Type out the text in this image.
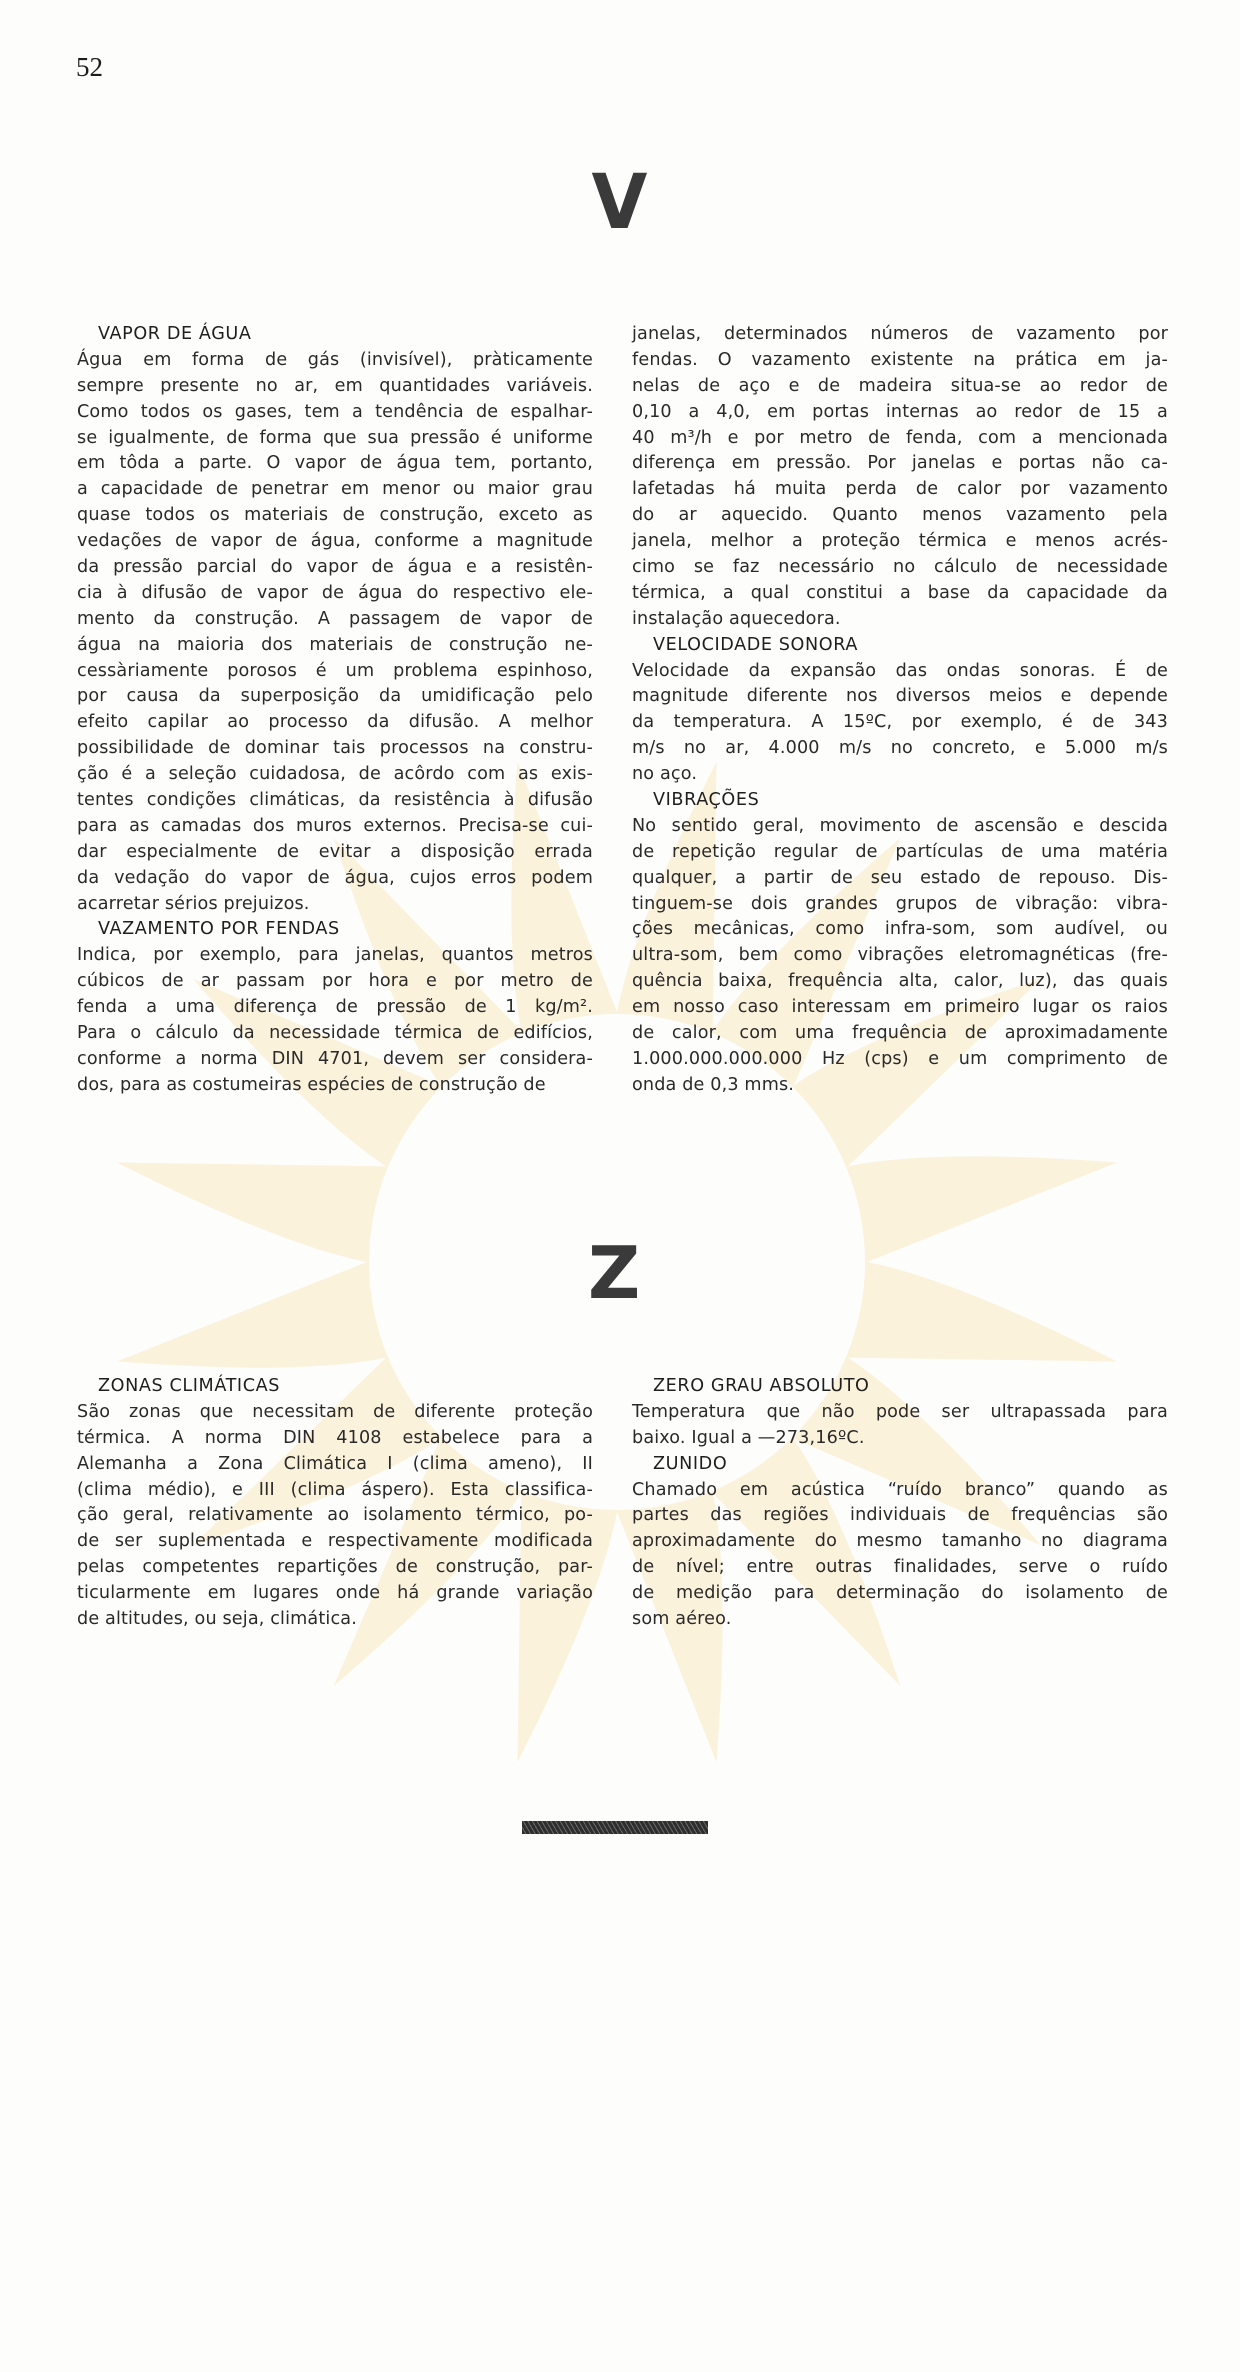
52
V
VAPOR DE ÁGUA
Água em forma de gás (invisível), pràticamente
sempre presente no ar, em quantidades variáveis.
Como todos os gases, tem a tendência de espalhar-
se igualmente, de forma que sua pressão é uniforme
em tôda a parte. O vapor de água tem, portanto,
a capacidade de penetrar em menor ou maior grau
quase todos os materiais de construção, exceto as
vedações de vapor de água, conforme a magnitude
da pressão parcial do vapor de água e a resistên-
cia à difusão de vapor de água do respectivo ele-
mento da construção. A passagem de vapor de
água na maioria dos materiais de construção ne-
cessàriamente porosos é um problema espinhoso,
por causa da superposição da umidificação pelo
efeito capilar ao processo da difusão. A melhor
possibilidade de dominar tais processos na constru-
ção é a seleção cuidadosa, de acôrdo com as exis-
tentes condições climáticas, da resistência à difusão
para as camadas dos muros externos. Precisa-se cui-
dar especialmente de evitar a disposição errada
da vedação do vapor de água, cujos erros podem
acarretar sérios prejuizos.
VAZAMENTO POR FENDAS
Indica, por exemplo, para janelas, quantos metros
cúbicos de ar passam por hora e por metro de
fenda a uma diferença de pressão de 1 kg/m².
Para o cálculo da necessidade térmica de edifícios,
conforme a norma DIN 4701, devem ser considera-
dos, para as costumeiras espécies de construção de
janelas, determinados números de vazamento por
fendas. O vazamento existente na prática em ja-
nelas de aço e de madeira situa-se ao redor de
0,10 a 4,0, em portas internas ao redor de 15 a
40 m³/h e por metro de fenda, com a mencionada
diferença em pressão. Por janelas e portas não ca-
lafetadas há muita perda de calor por vazamento
do ar aquecido. Quanto menos vazamento pela
janela, melhor a proteção térmica e menos acrés-
cimo se faz necessário no cálculo de necessidade
térmica, a qual constitui a base da capacidade da
instalação aquecedora.
VELOCIDADE SONORA
Velocidade da expansão das ondas sonoras. É de
magnitude diferente nos diversos meios e depende
da temperatura. A 15ºC, por exemplo, é de 343
m/s no ar, 4.000 m/s no concreto, e 5.000 m/s
no aço.
VIBRAÇÕES
No sentido geral, movimento de ascensão e descida
de repetição regular de partículas de uma matéria
qualquer, a partir de seu estado de repouso. Dis-
tinguem-se dois grandes grupos de vibração: vibra-
ções mecânicas, como infra-som, som audível, ou
ultra-som, bem como vibrações eletromagnéticas (fre-
quência baixa, frequência alta, calor, luz), das quais
em nosso caso interessam em primeiro lugar os raios
de calor, com uma frequência de aproximadamente
1.000.000.000.000 Hz (cps) e um comprimento de
onda de 0,3 mms.
Z
ZONAS CLIMÁTICAS
São zonas que necessitam de diferente proteção
térmica. A norma DIN 4108 estabelece para a
Alemanha a Zona Climática I (clima ameno), II
(clima médio), e III (clima áspero). Esta classifica-
ção geral, relativamente ao isolamento térmico, po-
de ser suplementada e respectivamente modificada
pelas competentes repartições de construção, par-
ticularmente em lugares onde há grande variação
de altitudes, ou seja, climática.
ZERO GRAU ABSOLUTO
Temperatura que não pode ser ultrapassada para
baixo. Igual a —273,16ºC.
ZUNIDO
Chamado em acústica “ruído branco” quando as
partes das regiões individuais de frequências são
aproximadamente do mesmo tamanho no diagrama
de nível; entre outras finalidades, serve o ruído
de medição para determinação do isolamento de
som aéreo.
